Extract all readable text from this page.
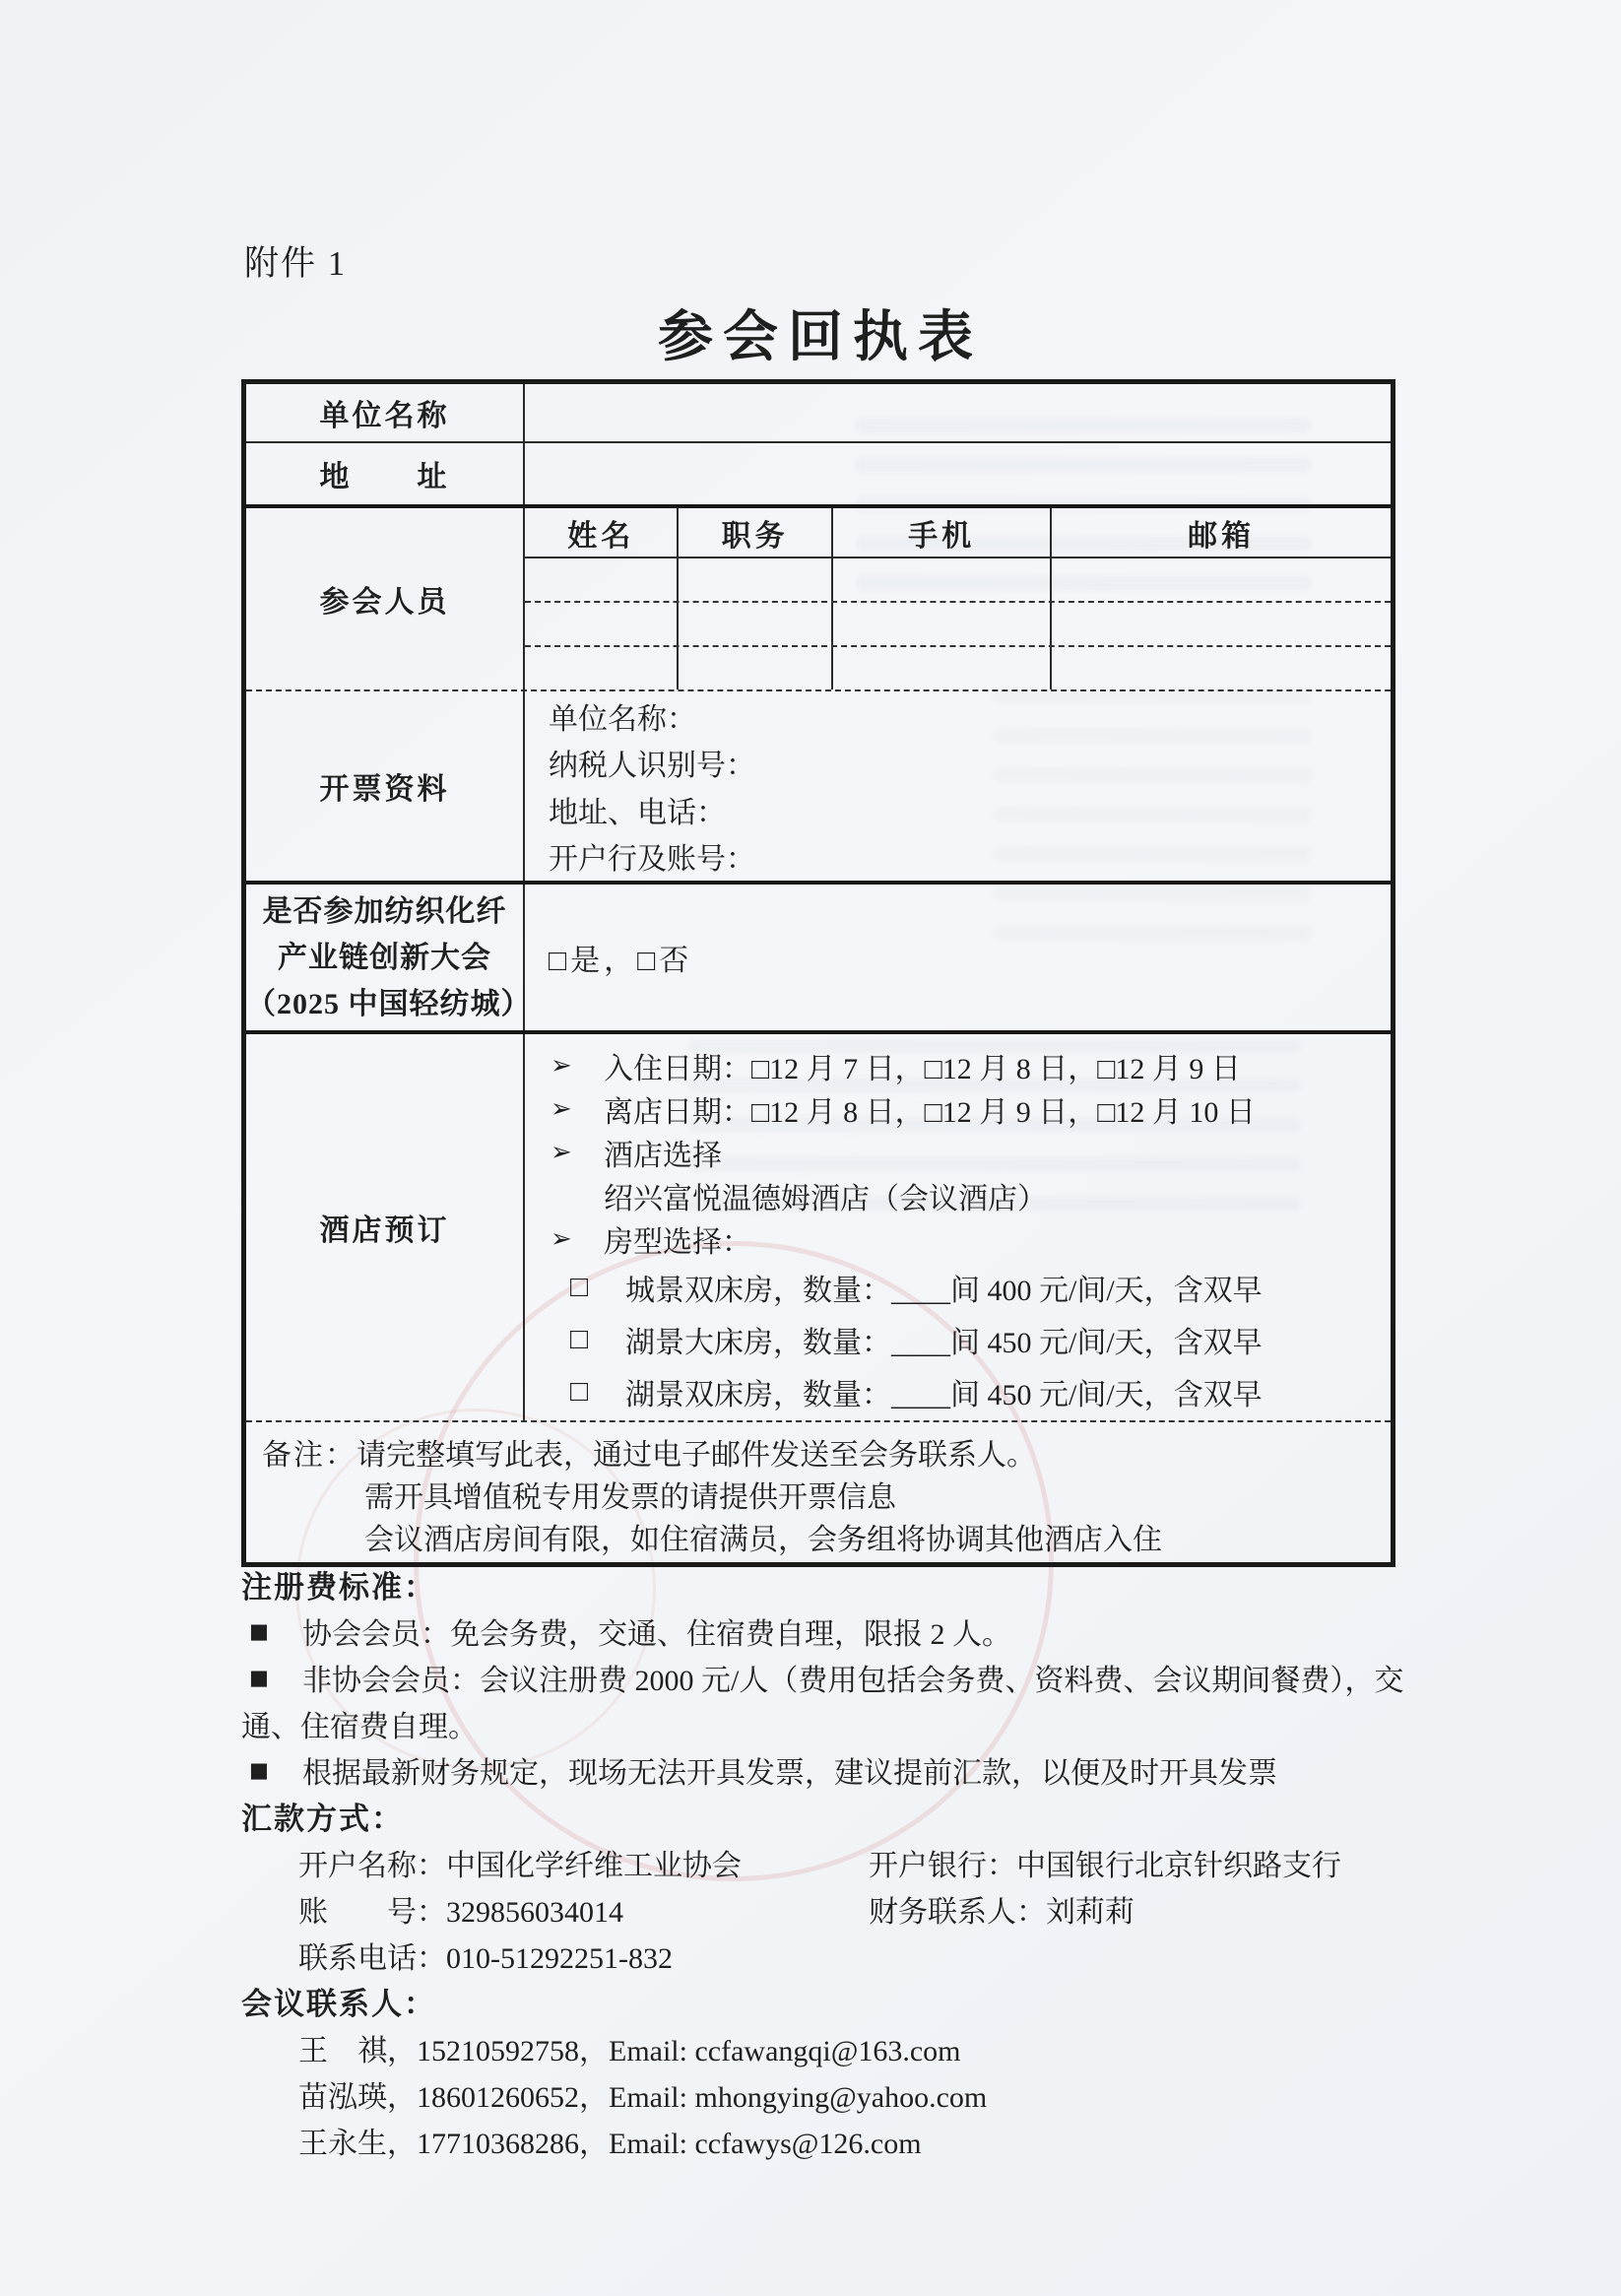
附件 1
参会回执表
单位名称
地　　址
参会人员
姓名	职务	手机	邮箱
开票资料
单位名称：
纳税人识别号：
地址、电话：
开户行及账号：
是否参加纺织化纤
产业链创新大会
（2025 中国轻纺城）
□是，□否
酒店预订
➢ 入住日期：□12 月 7 日，□12 月 8 日，□12 月 9 日
➢ 离店日期：□12 月 8 日，□12 月 9 日，□12 月 10 日
➢ 酒店选择
绍兴富悦温德姆酒店（会议酒店）
➢ 房型选择：
□	城景双床房，数量：____间 400 元/间/天，含双早
□	湖景大床房，数量：____间 450 元/间/天，含双早
□	湖景双床房，数量：____间 450 元/间/天，含双早
备注： 请完整填写此表，通过电子邮件发送至会务联系人。
需开具增值税专用发票的请提供开票信息
会议酒店房间有限，如住宿满员，会务组将协调其他酒店入住
注册费标准：
■ 协会会员：免会务费，交通、住宿费自理，限报 2 人。
■ 非协会会员：会议注册费 2000 元/人（费用包括会务费、资料费、会议期间餐费），交
通、住宿费自理。
■ 根据最新财务规定，现场无法开具发票，建议提前汇款，以便及时开具发票
汇款方式：
开户名称：中国化学纤维工业协会	开户银行：中国银行北京针织路支行
账　　号：329856034014	财务联系人：刘莉莉
联系电话：010-51292251-832
会议联系人：
王　祺，15210592758，Email: ccfawangqi@163.com
苗泓瑛，18601260652，Email: mhongying@yahoo.com
王永生，17710368286，Email: ccfawys@126.com
